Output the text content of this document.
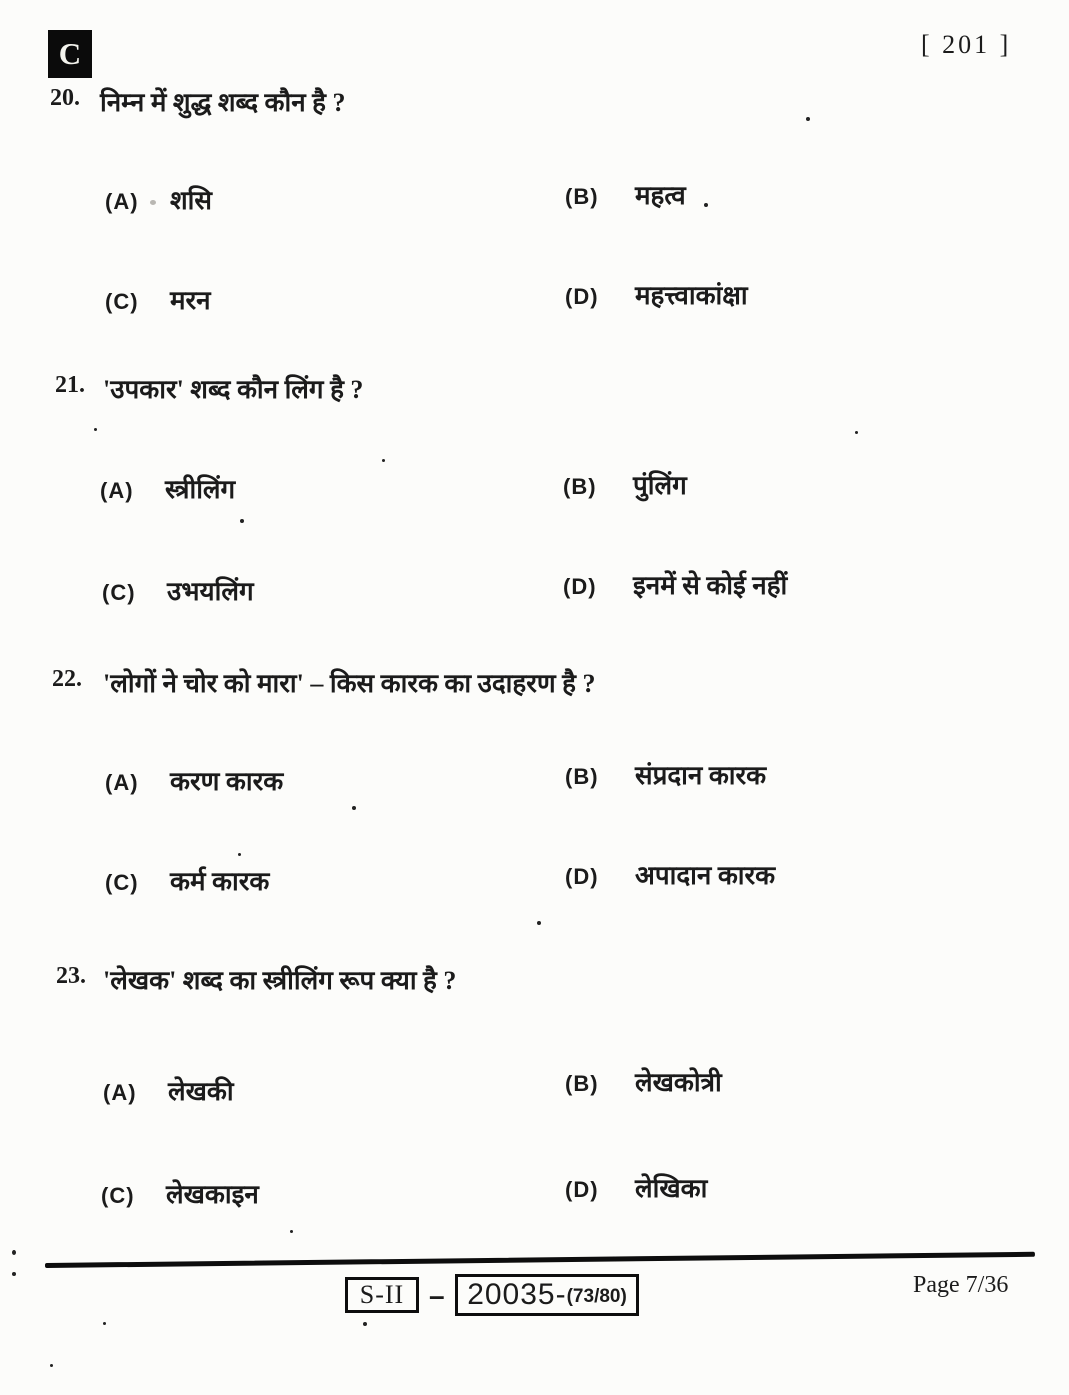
C	[ 201 ]
20. निम्न में शुद्ध शब्द कौन है ?
(A)	शसि	(B)	महत्व
(C)	मरन	(D)	महत्त्वाकांक्षा
21. 'उपकार' शब्द कौन लिंग है ?
(A)	स्त्रीलिंग	(B)	पुंलिंग
(C)	उभयलिंग	(D)	इनमें से कोई नहीं
22. 'लोगों ने चोर को मारा' – किस कारक का उदाहरण है ?
(A)	करण कारक	(B)	संप्रदान कारक
(C)	कर्म कारक	(D)	अपादान कारक
23. 'लेखक' शब्द का स्त्रीलिंग रूप क्या है ?
(A)	लेखकी	(B)	लेखकोत्री
(C)	लेखकाइन	(D)	लेखिका
S-II – 20035- (73/80)	Page 7/36
